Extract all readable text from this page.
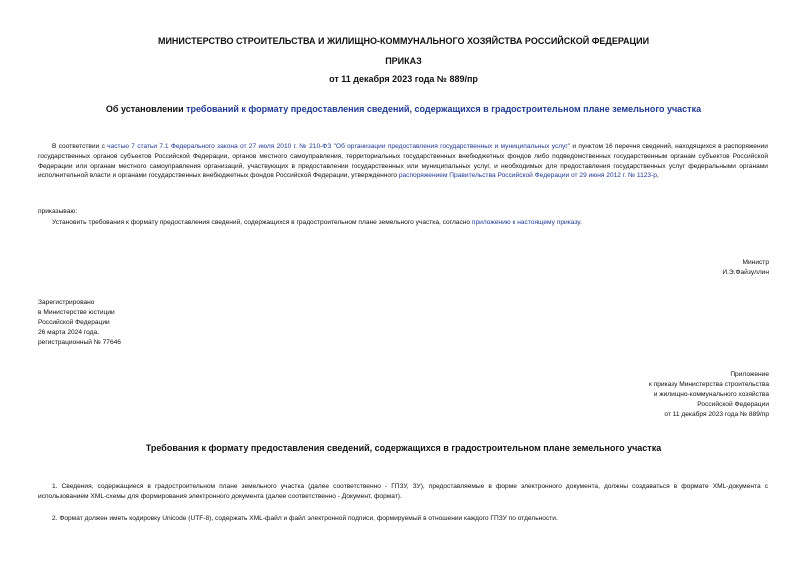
МИНИСТЕРСТВО СТРОИТЕЛЬСТВА И ЖИЛИЩНО-КОММУНАЛЬНОГО ХОЗЯЙСТВА РОССИЙСКОЙ ФЕДЕРАЦИИ
ПРИКАЗ
от 11 декабря 2023 года № 889/пр
Об установлении требований к формату предоставления сведений, содержащихся в градостроительном плане земельного участка
В соответствии с частью 7 статьи 7.1 Федерального закона от 27 июля 2010 г. № 210-ФЗ "Об организации предоставления государственных и муниципальных услуг" и пунктом 16 перечня сведений, находящихся в распоряжении государственных органов субъектов Российской Федерации, органов местного самоуправления, территориальных государственных внебюджетных фондов либо подведомственных государственным органам субъектов Российской Федерации или органам местного самоуправления организаций, участвующих в предоставлении государственных или муниципальных услуг, и необходимых для предоставления государственных услуг федеральными органами исполнительной власти и органами государственных внебюджетных фондов Российской Федерации, утвержденного распоряжением Правительства Российской Федерации от 29 июня 2012 г. № 1123-р,
приказываю:
Установить требования к формату предоставления сведений, содержащихся в градостроительном плане земельного участка, согласно приложению к настоящему приказу.
Министр
И.Э.Файзуллин
Зарегистрировано
в Министерстве юстиции
Российской Федерации
26 марта 2024 года,
регистрационный № 77646
Приложение
к приказу Министерства строительства
и жилищно-коммунального хозяйства
Российской Федерации
от 11 декабря 2023 года № 889/пр
Требования к формату предоставления сведений, содержащихся в градостроительном плане земельного участка
1. Сведения, содержащиеся в градостроительном плане земельного участка (далее соответственно - ГПЗУ, ЗУ), предоставляемые в форме электронного документа, должны создаваться в формате XML-документа с использованием XML-схемы для формирования электронного документа (далее соответственно - Документ, формат).
2. Формат должен иметь кодировку Unicode (UTF-8), содержать XML-файл и файл электронной подписи, формируемый в отношении каждого ГПЗУ по отдельности.
